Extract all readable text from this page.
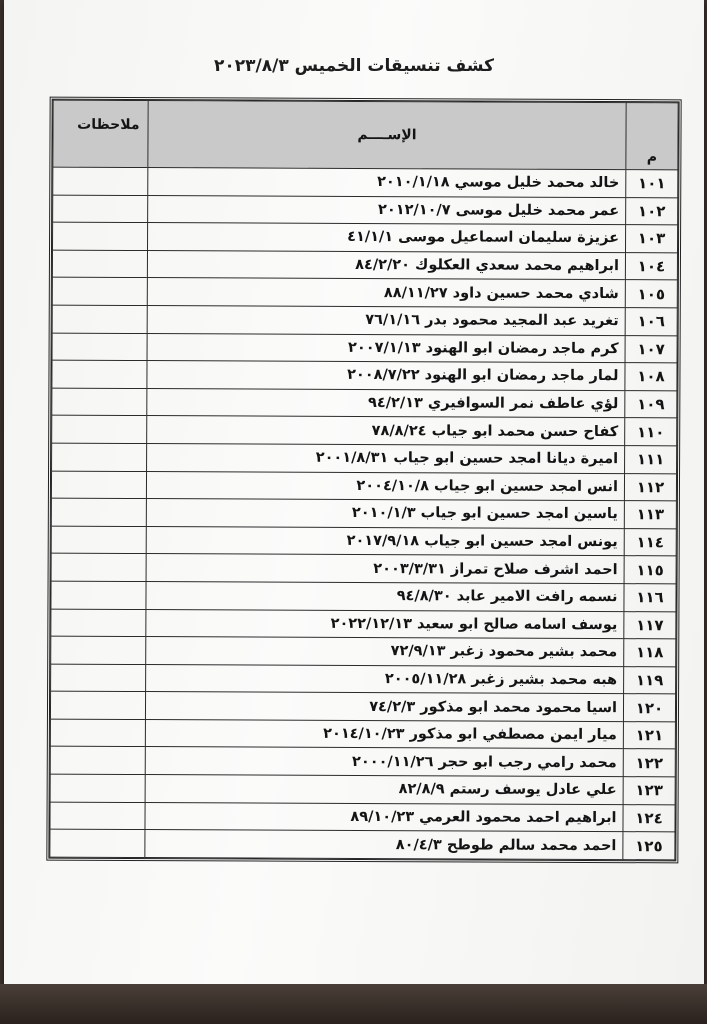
كشف تنسيقات الخميس ٢٠٢٣/٨/٣
م	الإســــم	ملاحظات
١٠١	خالد محمد خليل موسي ٢٠١٠/١/١٨	
١٠٢	عمر محمد خليل موسى ٢٠١٢/١٠/٧	
١٠٣	عزيزة سليمان اسماعيل موسى ٤١/١/١	
١٠٤	ابراهيم محمد سعدي العكلوك ٨٤/٢/٢٠	
١٠٥	شادي محمد حسين داود ٨٨/١١/٢٧	
١٠٦	تغريد عبد المجيد محمود بدر ٧٦/١/١٦	
١٠٧	كرم ماجد رمضان ابو الهنود ٢٠٠٧/١/١٣	
١٠٨	لمار ماجد رمضان ابو الهنود ٢٠٠٨/٧/٢٢	
١٠٩	لؤي عاطف نمر السوافيري ٩٤/٢/١٣	
١١٠	كفاح حسن محمد ابو جياب ٧٨/٨/٢٤	
١١١	اميرة ديانا امجد حسين ابو جياب ٢٠٠١/٨/٣١	
١١٢	انس امجد حسين ابو جياب ٢٠٠٤/١٠/٨	
١١٣	ياسين امجد حسين ابو جياب ٢٠١٠/١/٣	
١١٤	يونس امجد حسين ابو جياب ٢٠١٧/٩/١٨	
١١٥	احمد اشرف صلاح تمراز ٢٠٠٣/٣/٣١	
١١٦	نسمه رافت الامير عابد ٩٤/٨/٣٠	
١١٧	يوسف اسامه صالح ابو سعيد ٢٠٢٢/١٢/١٣	
١١٨	محمد بشير محمود زغبر ٧٢/٩/١٣	
١١٩	هبه محمد بشير زغبر ٢٠٠٥/١١/٢٨	
١٢٠	اسيا محمود محمد ابو مذكور ٧٤/٢/٣	
١٢١	ميار ايمن مصطفي ابو مذكور ٢٠١٤/١٠/٢٣	
١٢٢	محمد رامي رجب ابو حجر ٢٠٠٠/١١/٢٦	
١٢٣	علي عادل يوسف رستم ٨٢/٨/٩	
١٢٤	ابراهيم احمد محمود العرمي ٨٩/١٠/٢٣	
١٢٥	احمد محمد سالم طوطح ٨٠/٤/٣	
